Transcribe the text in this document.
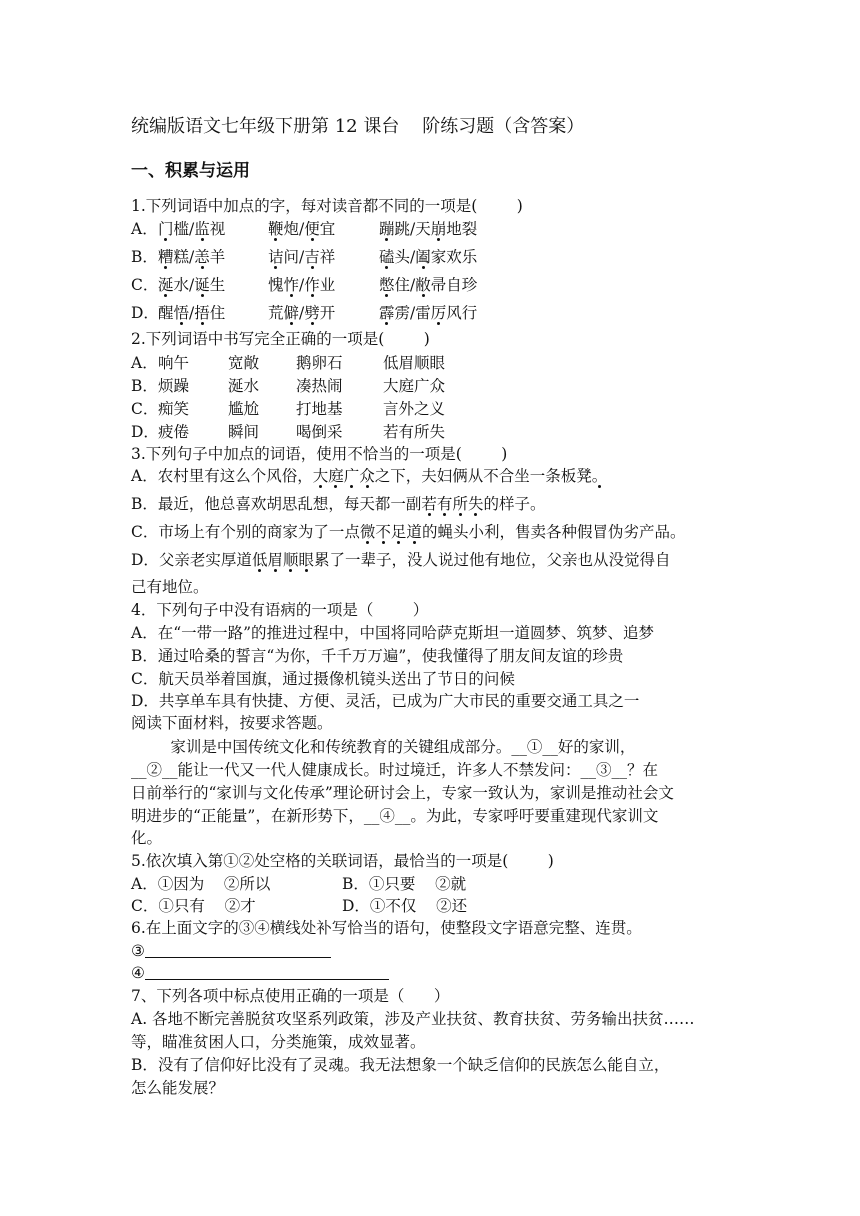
统编版语文七年级下册第 12 课台    阶练习题（含答案）
一、积累与运用
1.下列词语中加点的字，每对读音都不同的一项是(        )
A． 门槛/监视	鞭炮/便宜	蹦跳/天崩地裂
B． 糟糕/恙羊	诘问/吉祥	磕头/阖家欢乐
C． 涎水/诞生	愧怍/作业	憋住/敝帚自珍
D． 醒悟/捂住	荒僻/劈开	霹雳/雷厉风行
2.下列词语中书写完全正确的一项是(        )
A． 响午	宽敞 鹅卵石	低眉顺眼
B． 烦躁	涎水 凑热闹	大庭广众
C． 痴笑	尴尬 打地基	言外之义
D． 疲倦	瞬间 喝倒采	若有所失
3.下列句子中加点的词语，使用不恰当的一项是(        )
A．农村里有这么个风俗，大庭广众之下，夫妇俩从不合坐一条板凳。
B．最近，他总喜欢胡思乱想，每天都一副若有所失的样子。
C．市场上有个别的商家为了一点微不足道的蝇头小利，售卖各种假冒伪劣产品。
D．父亲老实厚道低眉顺眼累了一辈子，没人说过他有地位，父亲也从没觉得自
己有地位。
4．下列句子中没有语病的一项是（        ）
A．在“一带一路”的推进过程中，中国将同哈萨克斯坦一道圆梦、筑梦、追梦
B．通过哈桑的誓言“为你，千千万万遍”，使我懂得了朋友间友谊的珍贵
C．航天员举着国旗，通过摄像机镜头送出了节日的问候
D．共享单车具有快捷、方便、灵活，已成为广大市民的重要交通工具之一
阅读下面材料，按要求答题。
家训是中国传统文化和传统教育的关键组成部分。__①__好的家训，
__②__能让一代又一代人健康成长。时过境迁，许多人不禁发问：__③__？在
日前举行的“家训与文化传承”理论研讨会上，专家一致认为，家训是推动社会文
明进步的“正能量”，在新形势下，__④__。为此，专家呼吁要重建现代家训文
化。
5.依次填入第①②处空格的关联词语，最恰当的一项是(        )
A．①因为    ②所以	B．①只要    ②就
C．①只有    ②才	D．①不仅    ②还
6.在上面文字的③④横线处补写恰当的语句，使整段文字语意完整、连贯。
③
④
7、下列各项中标点使用正确的一项是（      ）
A. 各地不断完善脱贫攻坚系列政策，涉及产业扶贫、教育扶贫、劳务输出扶贫……
等，瞄准贫困人口，分类施策，成效显著。
B．没有了信仰好比没有了灵魂。我无法想象一个缺乏信仰的民族怎么能自立，
怎么能发展？
